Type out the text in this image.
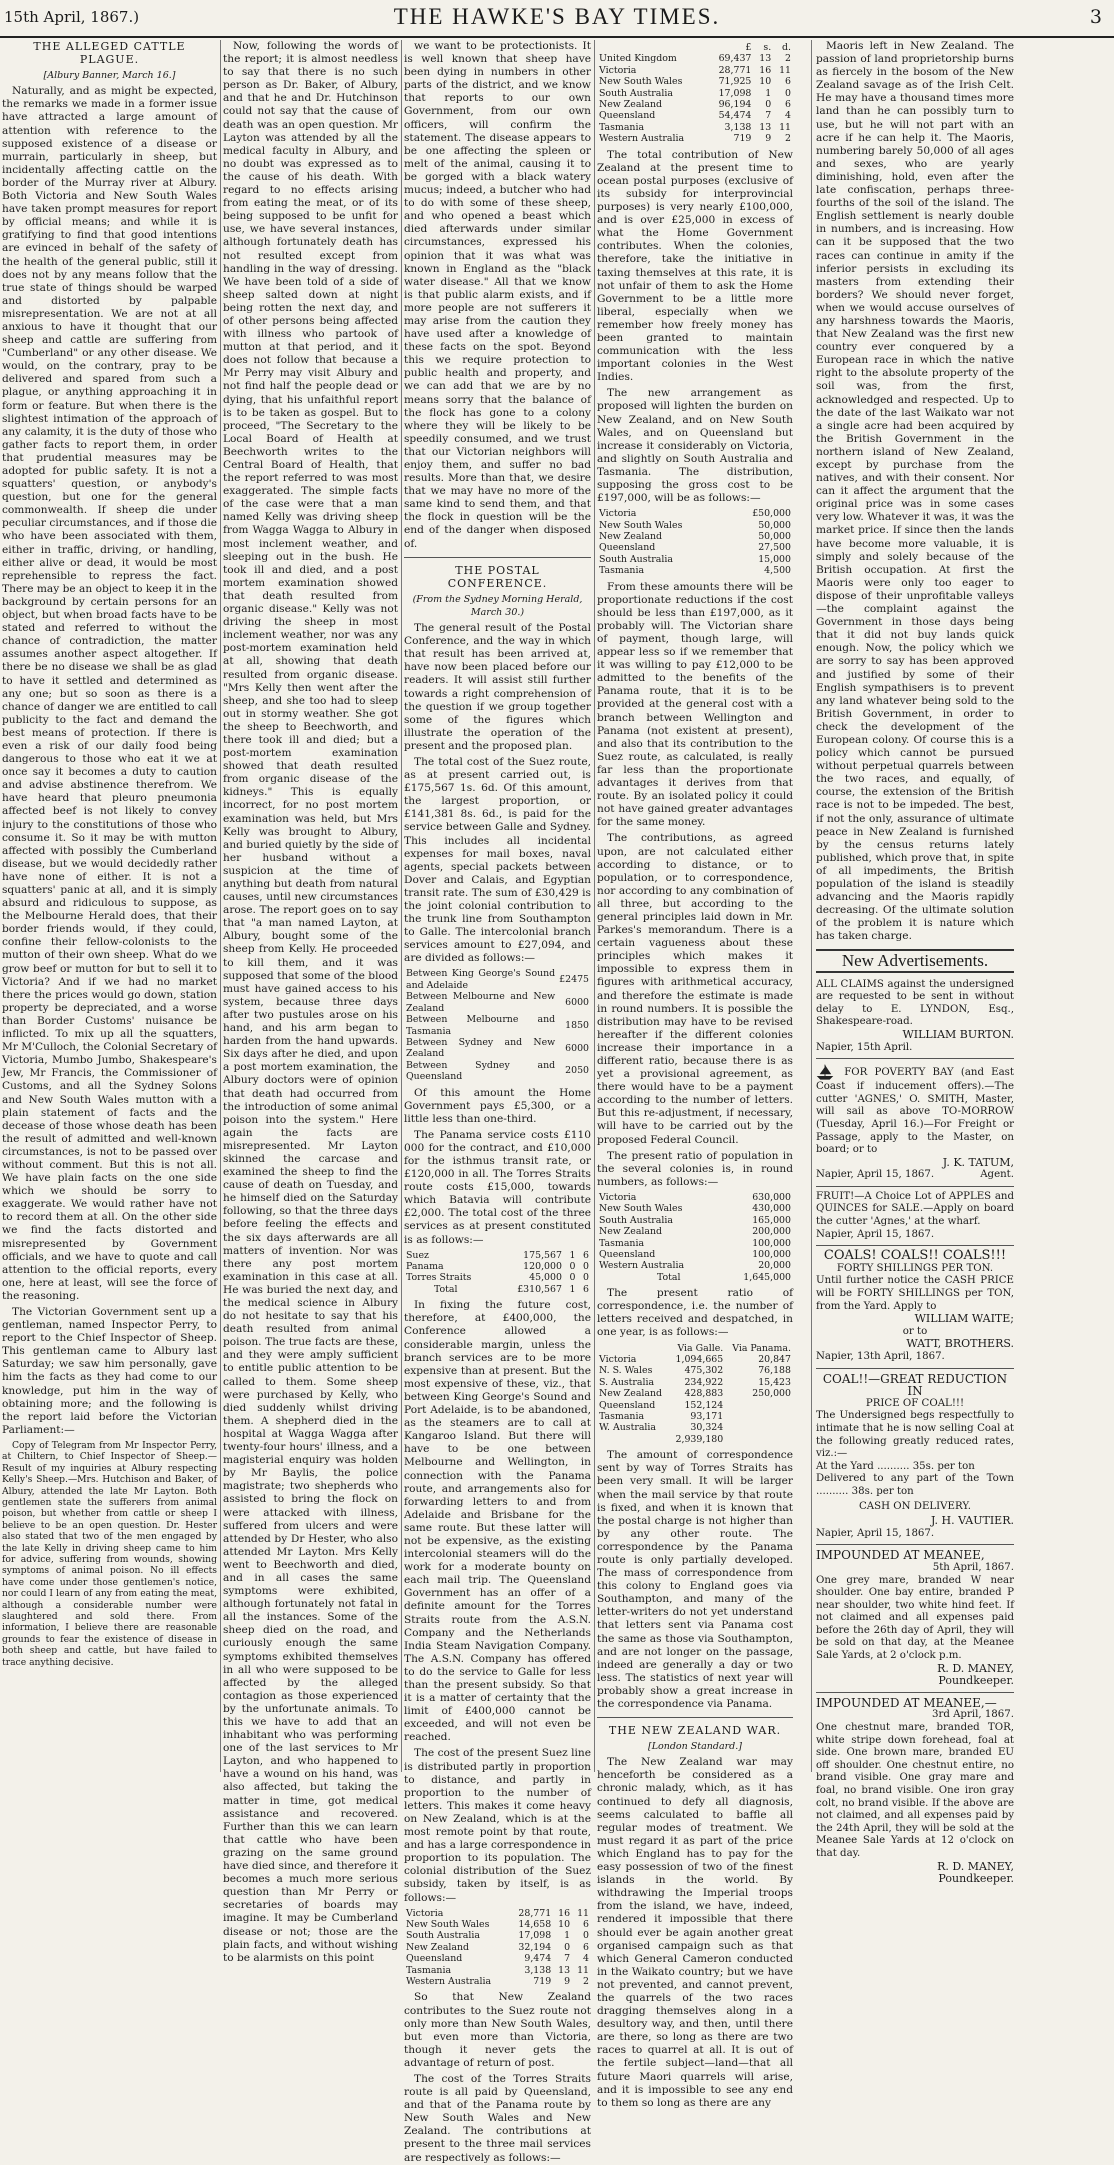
15th April, 1867.)	THE HAWKE'S BAY TIMES.	3

THE ALLEGED CATTLE PLAGUE.

[Albury Banner, March 16.]

Naturally, and as might be expected, the remarks we made in a former issue have attracted a large amount of attention with reference to the supposed existence of a disease or murrain, particularly in sheep, but incidentally affecting cattle on the border of the Murray river at Albury. Both Victoria and New South Wales have taken prompt measures for report by official means; and while it is gratifying to find that good intentions are evinced in behalf of the safety of the health of the general public, still it does not by any means follow that the true state of things should be warped and distorted by palpable misrepresentation. We are not at all anxious to have it thought that our sheep and cattle are suffering from "Cumberland" or any other disease. We would, on the contrary, pray to be delivered and spared from such a plague, or anything approaching it in form or feature. But when there is the slightest intimation of the approach of any calamity, it is the duty of those who gather facts to report them, in order that prudential measures may be adopted for public safety. It is not a squatters' question, or anybody's question, but one for the general commonwealth. If sheep die under peculiar circumstances, and if those die who have been associated with them, either in traffic, driving, or handling, either alive or dead, it would be most reprehensible to repress the fact. There may be an object to keep it in the background by certain persons for an object, but when broad facts have to be stated and referred to without the chance of contradiction, the matter assumes another aspect altogether. If there be no disease we shall be as glad to have it settled and determined as any one; but so soon as there is a chance of danger we are entitled to call publicity to the fact and demand the best means of protection. If there is even a risk of our daily food being dangerous to those who eat it we at once say it becomes a duty to caution and advise abstinence therefrom. We have heard that pleuro pneumonia affected beef is not likely to convey injury to the constitutions of those who consume it. So it may be with mutton affected with possibly the Cumberland disease, but we would decidedly rather have none of either. It is not a squatters' panic at all, and it is simply absurd and ridiculous to suppose, as the Melbourne Herald does, that their border friends would, if they could, confine their fellow-colonists to the mutton of their own sheep. What do we grow beef or mutton for but to sell it to Victoria? And if we had no market there the prices would go down, station property be depreciated, and a worse than Border Customs' nuisance be inflicted. To mix up all the squatters, Mr M'Culloch, the Colonial Secretary of Victoria, Mumbo Jumbo, Shakespeare's Jew, Mr Francis, the Commissioner of Customs, and all the Sydney Solons and New South Wales mutton with a plain statement of facts and the decease of those whose death has been the result of admitted and well-known circumstances, is not to be passed over without comment. But this is not all. We have plain facts on the one side which we should be sorry to exaggerate. We would rather have not to record them at all. On the other side we find the facts distorted and misrepresented by Government officials, and we have to quote and call attention to the official reports, every one, here at least, will see the force of the reasoning.

The Victorian Government sent up a gentleman, named Inspector Perry, to report to the Chief Inspector of Sheep. This gentleman came to Albury last Saturday; we saw him personally, gave him the facts as they had come to our knowledge, put him in the way of obtaining more; and the following is the report laid before the Victorian Parliament:—

Copy of Telegram from Mr Inspector Perry, at Chiltern, to Chief Inspector of Sheep.—Result of my inquiries at Albury respecting Kelly's Sheep.—Mrs. Hutchison and Baker, of Albury, attended the late Mr Layton. Both gentlemen state the sufferers from animal poison, but whether from cattle or sheep I believe to be an open question. Dr. Hester also stated that two of the men engaged by the late Kelly in driving sheep came to him for advice, suffering from wounds, showing symptoms of animal poison. No ill effects have come under those gentlemen's notice, nor could I learn of any from eating the meat, although a considerable number were slaughtered and sold there. From information, I believe there are reasonable grounds to fear the existence of disease in both sheep and cattle, but have failed to trace anything decisive.

Now, following the words of the report; it is almost needless to say that there is no such person as Dr. Baker, of Albury, and that he and Dr. Hutchinson could not say that the cause of death was an open question. Mr Layton was attended by all the medical faculty in Albury, and no doubt was expressed as to the cause of his death. With regard to no effects arising from eating the meat, or of its being supposed to be unfit for use, we have several instances, although fortunately death has not resulted except from handling in the way of dressing. We have been told of a side of sheep salted down at night being rotten the next day, and of other persons being affected with illness who partook of mutton at that period, and it does not follow that because a Mr Perry may visit Albury and not find half the people dead or dying, that his unfaithful report is to be taken as gospel. But to proceed, "The Secretary to the Local Board of Health at Beechworth writes to the Central Board of Health, that the report referred to was most exaggerated. The simple facts of the case were that a man named Kelly was driving sheep from Wagga Wagga to Albury in most inclement weather, and sleeping out in the bush. He took ill and died, and a post mortem examination showed that death resulted from organic disease." Kelly was not driving the sheep in most inclement weather, nor was any post-mortem examination held at all, showing that death resulted from organic disease. "Mrs Kelly then went after the sheep, and she too had to sleep out in stormy weather. She got the sheep to Beechworth, and there took ill and died; but a post-mortem examination showed that death resulted from organic disease of the kidneys." This is equally incorrect, for no post mortem examination was held, but Mrs Kelly was brought to Albury, and buried quietly by the side of her husband without a suspicion at the time of anything but death from natural causes, until new circumstances arose. The report goes on to say that "a man named Layton, at Albury, bought some of the sheep from Kelly. He proceeded to kill them, and it was supposed that some of the blood must have gained access to his system, because three days after two pustules arose on his hand, and his arm began to harden from the hand upwards. Six days after he died, and upon a post mortem examination, the Albury doctors were of opinion that death had occurred from the introduction of some animal poison into the system." Here again the facts are misrepresented. Mr Layton skinned the carcase and examined the sheep to find the cause of death on Tuesday, and he himself died on the Saturday following, so that the three days before feeling the effects and the six days afterwards are all matters of invention. Nor was there any post mortem examination in this case at all. He was buried the next day, and the medical science in Albury do not hesitate to say that his death resulted from animal poison. The true facts are these, and they were amply sufficient to entitle public attention to be called to them. Some sheep were purchased by Kelly, who died suddenly whilst driving them. A shepherd died in the hospital at Wagga Wagga after twenty-four hours' illness, and a magisterial enquiry was holden by Mr Baylis, the police magistrate; two shepherds who assisted to bring the flock on were attacked with illness, suffered from ulcers and were attended by Dr Hester, who also attended Mr Layton. Mrs Kelly went to Beechworth and died, and in all cases the same symptoms were exhibited, although fortunately not fatal in all the instances. Some of the sheep died on the road, and curiously enough the same symptoms exhibited themselves in all who were supposed to be affected by the alleged contagion as those experienced by the unfortunate animals. To this we have to add that an inhabitant who was performing one of the last services to Mr Layton, and who happened to have a wound on his hand, was also affected, but taking the matter in time, got medical assistance and recovered. Further than this we can learn that cattle who have been grazing on the same ground have died since, and therefore it becomes a much more serious question than Mr Perry or secretaries of boards may imagine. It may be Cumberland disease or not; those are the plain facts, and without wishing to be alarmists on this point

we want to be protectionists. It is well known that sheep have been dying in numbers in other parts of the district, and we know that reports to our own Government, from our own officers, will confirm the statement. The disease appears to be one affecting the spleen or melt of the animal, causing it to be gorged with a black watery mucus; indeed, a butcher who had to do with some of these sheep, and who opened a beast which died afterwards under similar circumstances, expressed his opinion that it was what was known in England as the "black water disease." All that we know is that public alarm exists, and if more people are not sufferers it may arise from the caution they have used after a knowledge of these facts on the spot. Beyond this we require protection to public health and property, and we can add that we are by no means sorry that the balance of the flock has gone to a colony where they will be likely to be speedily consumed, and we trust that our Victorian neighbors will enjoy them, and suffer no bad results. More than that, we desire that we may have no more of the same kind to send them, and that the flock in question will be the end of the danger when disposed of.

THE POSTAL CONFERENCE.

(From the Sydney Morning Herald, March 30.)

The general result of the Postal Conference, and the way in which that result has been arrived at, have now been placed before our readers. It will assist still further towards a right comprehension of the question if we group together some of the figures which illustrate the operation of the present and the proposed plan.

The total cost of the Suez route, as at present carried out, is £175,567 1s. 6d. Of this amount, the largest proportion, or £141,381 8s. 6d., is paid for the service between Galle and Sydney. This includes all incidental expenses for mail boxes, naval agents, special packets between Dover and Calais, and Egyptian transit rate. The sum of £30,429 is the joint colonial contribution to the trunk line from Southampton to Galle. The intercolonial branch services amount to £27,094, and are divided as follows:—

Between King George's Sound and Adelaide	£2475
Between Melbourne and New Zealand	6000
Between Melbourne and Tasmania	1850
Between Sydney and New Zealand	6000
Between Sydney and Queensland	2050

Of this amount the Home Government pays £5,300, or a little less than one-third.

The Panama service costs £110 000 for the contract, and £10,000 for the isthmus transit rate, or £120,000 in all. The Torres Straits route costs £15,000, towards which Batavia will contribute £2,000. The total cost of the three services as at present constituted is as follows:—

Suez	175,567	1	6
Panama	120,000	0	0
Torres Straits	45,000	0	0
Total	£310,567	1	6

In fixing the future cost, therefore, at £400,000, the Conference allowed a considerable margin, unless the branch services are to be more expensive than at present. But the most expensive of these, viz., that between King George's Sound and Port Adelaide, is to be abandoned, as the steamers are to call at Kangaroo Island. But there will have to be one between Melbourne and Wellington, in connection with the Panama route, and arrangements also for forwarding letters to and from Adelaide and Brisbane for the same route. But these latter will not be expensive, as the existing intercolonial steamers will do the work for a moderate bounty on each mail trip. The Queensland Government has an offer of a definite amount for the Torres Straits route from the A.S.N. Company and the Netherlands India Steam Navigation Company. The A.S.N. Company has offered to do the service to Galle for less than the present subsidy. So that it is a matter of certainty that the limit of £400,000 cannot be exceeded, and will not even be reached.

The cost of the present Suez line is distributed partly in proportion to distance, and partly in proportion to the number of letters. This makes it come heavy on New Zealand, which is at the most remote point by that route, and has a large correspondence in proportion to its population. The colonial distribution of the Suez subsidy, taken by itself, is as follows:—

Victoria	28,771	16	11
New South Wales	14,658	10	6
South Australia	17,098	1	0
New Zealand	32,194	0	6
Queensland	9,474	7	4
Tasmania	3,138	13	11
Western Australia	719	9	2

So that New Zealand contributes to the Suez route not only more than New South Wales, but even more than Victoria, though it never gets the advantage of return of post.

The cost of the Torres Straits route is all paid by Queensland, and that of the Panama route by New South Wales and New Zealand. The contributions at present to the three mail services are respectively as follows:—

	£	s.	d.
United Kingdom	69,437	13	2
Victoria	28,771	16	11
New South Wales	71,925	10	6
South Australia	17,098	1	0
New Zealand	96,194	0	6
Queensland	54,474	7	4
Tasmania	3,138	13	11
Western Australia	719	9	2

The total contribution of New Zealand at the present time to ocean postal purposes (exclusive of its subsidy for interprovincial purposes) is very nearly £100,000, and is over £25,000 in excess of what the Home Government contributes. When the colonies, therefore, take the initiative in taxing themselves at this rate, it is not unfair of them to ask the Home Government to be a little more liberal, especially when we remember how freely money has been granted to maintain communication with the less important colonies in the West Indies.

The new arrangement as proposed will lighten the burden on New Zealand, and on New South Wales, and on Queensland but increase it considerably on Victoria, and slightly on South Australia and Tasmania. The distribution, supposing the gross cost to be £197,000, will be as follows:—

Victoria	£50,000
New South Wales	50,000
New Zealand	50,000
Queensland	27,500
South Australia	15,000
Tasmania	4,500

From these amounts there will be proportionate reductions if the cost should be less than £197,000, as it probably will. The Victorian share of payment, though large, will appear less so if we remember that it was willing to pay £12,000 to be admitted to the benefits of the Panama route, that it is to be provided at the general cost with a branch between Wellington and Panama (not existent at present), and also that its contribution to the Suez route, as calculated, is really far less than the proportionate advantages it derives from that route. By an isolated policy it could not have gained greater advantages for the same money.

The contributions, as agreed upon, are not calculated either according to distance, or to population, or to correspondence, nor according to any combination of all three, but according to the general principles laid down in Mr. Parkes's memorandum. There is a certain vagueness about these principles which makes it impossible to express them in figures with arithmetical accuracy, and therefore the estimate is made in round numbers. It is possible the distribution may have to be revised hereafter if the different colonies increase their importance in a different ratio, because there is as yet a provisional agreement, as there would have to be a payment according to the number of letters. But this re-adjustment, if necessary, will have to be carried out by the proposed Federal Council.

The present ratio of population in the several colonies is, in round numbers, as follows:—

Victoria	630,000
New South Wales	430,000
South Australia	165,000
New Zealand	200,000
Tasmania	100,000
Queensland	100,000
Western Australia	20,000
Total	1,645,000

The present ratio of correspondence, i.e. the number of letters received and despatched, in one year, is as follows:—

	Via Galle.	Via Panama.
Victoria	1,094,665	20,847
N. S. Wales	475,302	76,188
S. Australia	234,922	15,423
New Zealand	428,883	250,000
Queensland	152,124	
Tasmania	93,171	
W. Australia	30,324	
	2,939,180	

The amount of correspondence sent by way of Torres Straits has been very small. It will be larger when the mail service by that route is fixed, and when it is known that the postal charge is not higher than by any other route. The correspondence by the Panama route is only partially developed. The mass of correspondence from this colony to England goes via Southampton, and many of the letter-writers do not yet understand that letters sent via Panama cost the same as those via Southampton, and are not longer on the passage, indeed are generally a day or two less. The statistics of next year will probably show a great increase in the correspondence via Panama.

THE NEW ZEALAND WAR.

[London Standard.]

The New Zealand war may henceforth be considered as a chronic malady, which, as it has continued to defy all diagnosis, seems calculated to baffle all regular modes of treatment. We must regard it as part of the price which England has to pay for the easy possession of two of the finest islands in the world. By withdrawing the Imperial troops from the island, we have, indeed, rendered it impossible that there should ever be again another great organised campaign such as that which General Cameron conducted in the Waikato country; but we have not prevented, and cannot prevent, the quarrels of the two races dragging themselves along in a desultory way, and then, until there are there, so long as there are two races to quarrel at all. It is out of the fertile subject—land—that all future Maori quarrels will arise, and it is impossible to see any end to them so long as there are any

Maoris left in New Zealand. The passion of land proprietorship burns as fiercely in the bosom of the New Zealand savage as of the Irish Celt. He may have a thousand times more land than he can possibly turn to use, but he will not part with an acre if he can help it. The Maoris, numbering barely 50,000 of all ages and sexes, who are yearly diminishing, hold, even after the late confiscation, perhaps three-fourths of the soil of the island. The English settlement is nearly double in numbers, and is increasing. How can it be supposed that the two races can continue in amity if the inferior persists in excluding its masters from extending their borders? We should never forget, when we would accuse ourselves of any harshness towards the Maoris, that New Zealand was the first new country ever conquered by a European race in which the native right to the absolute property of the soil was, from the first, acknowledged and respected. Up to the date of the last Waikato war not a single acre had been acquired by the British Government in the northern island of New Zealand, except by purchase from the natives, and with their consent. Nor can it affect the argument that the original price was in some cases very low. Whatever it was, it was the market price. If since then the lands have become more valuable, it is simply and solely because of the British occupation. At first the Maoris were only too eager to dispose of their unprofitable valleys—the complaint against the Government in those days being that it did not buy lands quick enough. Now, the policy which we are sorry to say has been approved and justified by some of their English sympathisers is to prevent any land whatever being sold to the British Government, in order to check the development of the European colony. Of course this is a policy which cannot be pursued without perpetual quarrels between the two races, and equally, of course, the extension of the British race is not to be impeded. The best, if not the only, assurance of ultimate peace in New Zealand is furnished by the census returns lately published, which prove that, in spite of all impediments, the British population of the island is steadily advancing and the Maoris rapidly decreasing. Of the ultimate solution of the problem it is nature which has taken charge.

New Advertisements.
ALL CLAIMS against the undersigned are requested to be sent in without delay to E. LYNDON, Esq., Shakespeare-road.
WILLIAM BURTON.
Napier, 15th April.
FOR POVERTY BAY (and East Coast if inducement offers).—The cutter 'AGNES,' O. SMITH, Master, will sail as above TO-MORROW (Tuesday, April 16.)—For Freight or Passage, apply to the Master, on board; or to
J. K. TATUM,
Napier, April 15, 1867.	Agent.
FRUIT!—A Choice Lot of APPLES and QUINCES for SALE.—Apply on board the cutter 'Agnes,' at the wharf.
Napier, April 15, 1867.
COALS! COALS!! COALS!!!
FORTY SHILLINGS PER TON.
Until further notice the CASH PRICE will be FORTY SHILLINGS per TON, from the Yard. Apply to
WILLIAM WAITE;
or to
WATT, BROTHERS.
Napier, 13th April, 1867.
COAL!!—GREAT REDUCTION IN
PRICE OF COAL!!!
The Undersigned begs respectfully to intimate that he is now selling Coal at the following greatly reduced rates, viz.:—
At the Yard .......... 35s. per ton
Delivered to any part of the Town .......... 38s. per ton
CASH ON DELIVERY.
J. H. VAUTIER.
Napier, April 15, 1867.
IMPOUNDED AT MEANEE,
5th April, 1867.
One grey mare, branded W near shoulder. One bay entire, branded P near shoulder, two white hind feet. If not claimed and all expenses paid before the 26th day of April, they will be sold on that day, at the Meanee Sale Yards, at 2 o'clock p.m.
R. D. MANEY,
Poundkeeper.
IMPOUNDED AT MEANEE,—
3rd April, 1867.
One chestnut mare, branded TOR, white stripe down forehead, foal at side. One brown mare, branded EU off shoulder. One chestnut entire, no brand visible. One gray mare and foal, no brand visible. One iron gray colt, no brand visible. If the above are not claimed, and all expenses paid by the 24th April, they will be sold at the Meanee Sale Yards at 12 o'clock on that day.
R. D. MANEY,
Poundkeeper.
